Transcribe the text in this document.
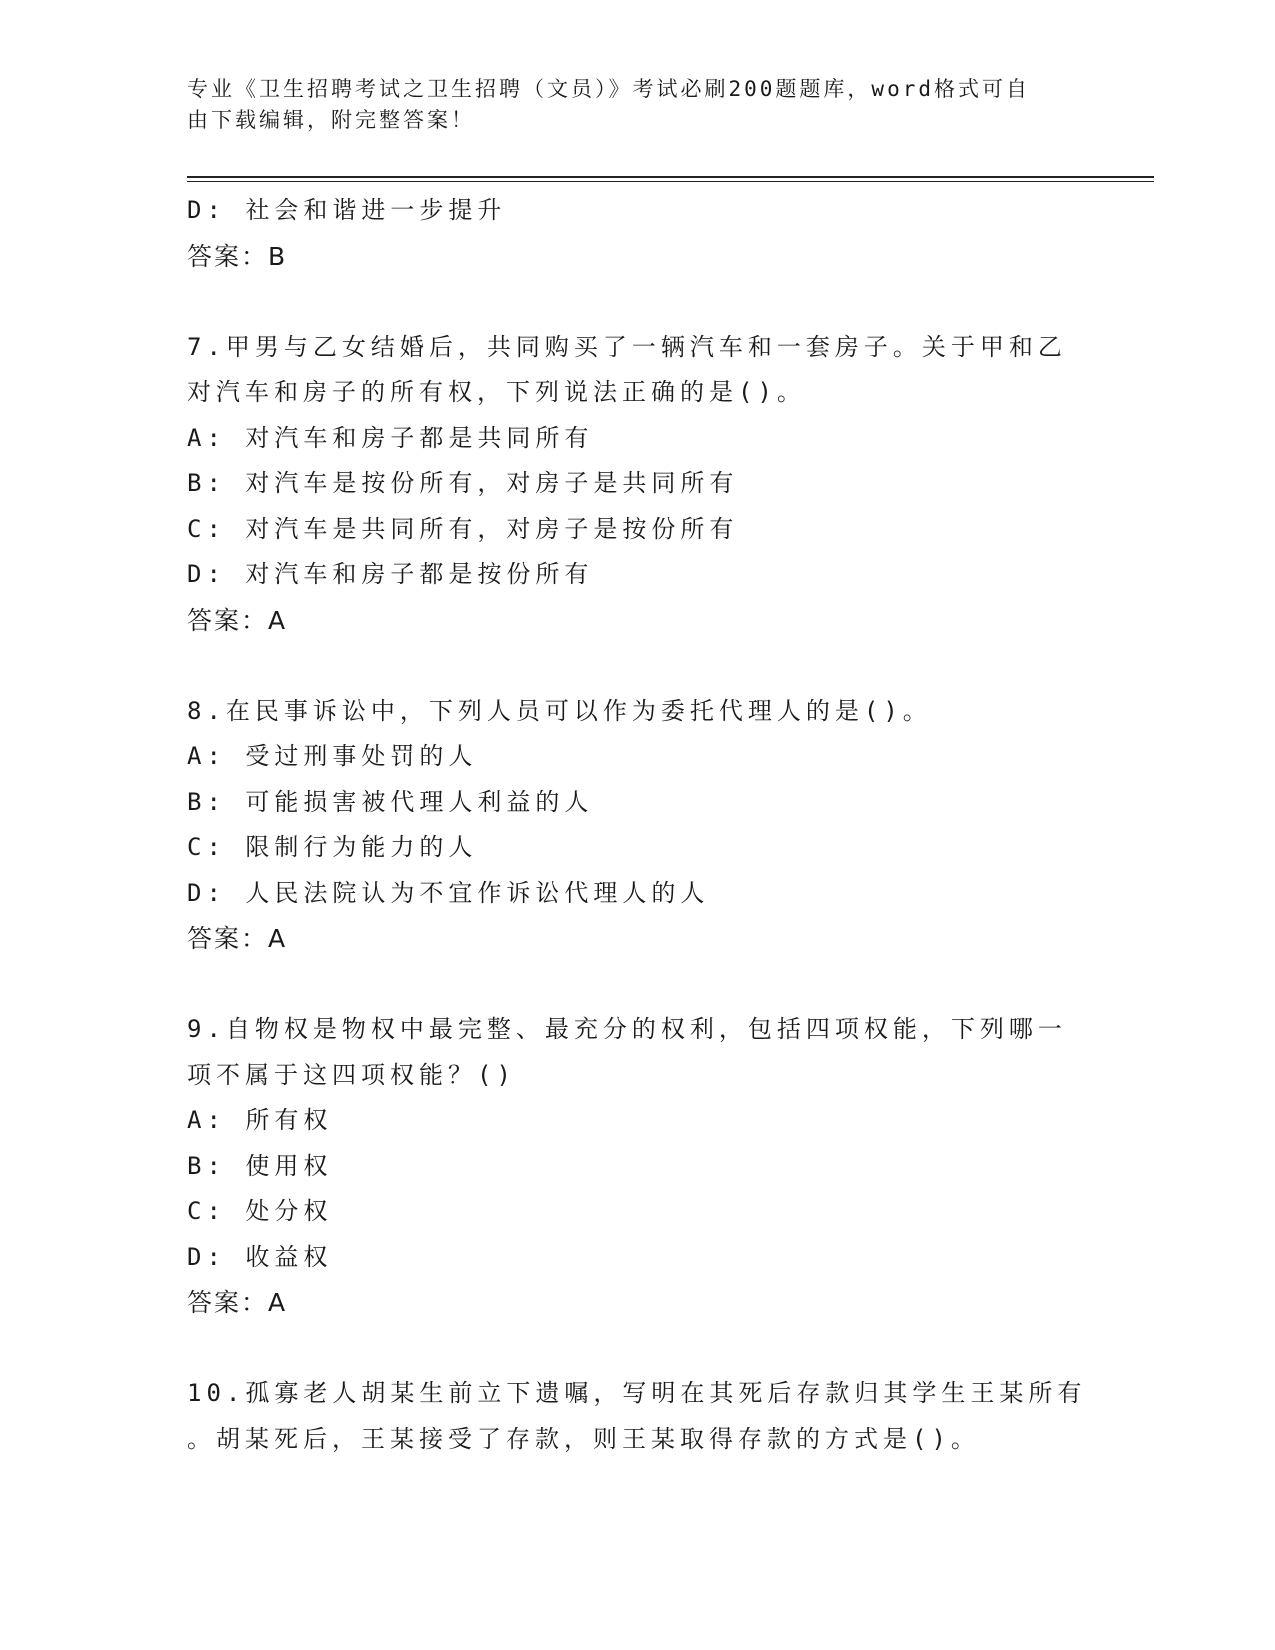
专业《卫生招聘考试之卫生招聘（文员）》考试必刷200题题库，word格式可自
由下载编辑，附完整答案！
D: 社会和谐进一步提升
答案：B
7.甲男与乙女结婚后，共同购买了一辆汽车和一套房子。关于甲和乙
对汽车和房子的所有权，下列说法正确的是()。
A: 对汽车和房子都是共同所有
B: 对汽车是按份所有，对房子是共同所有
C: 对汽车是共同所有，对房子是按份所有
D: 对汽车和房子都是按份所有
答案：A
8.在民事诉讼中，下列人员可以作为委托代理人的是()。
A: 受过刑事处罚的人
B: 可能损害被代理人利益的人
C: 限制行为能力的人
D: 人民法院认为不宜作诉讼代理人的人
答案：A
9.自物权是物权中最完整、最充分的权利，包括四项权能，下列哪一
项不属于这四项权能？()
A: 所有权
B: 使用权
C: 处分权
D: 收益权
答案：A
10.孤寡老人胡某生前立下遗嘱，写明在其死后存款归其学生王某所有
。胡某死后，王某接受了存款，则王某取得存款的方式是()。
